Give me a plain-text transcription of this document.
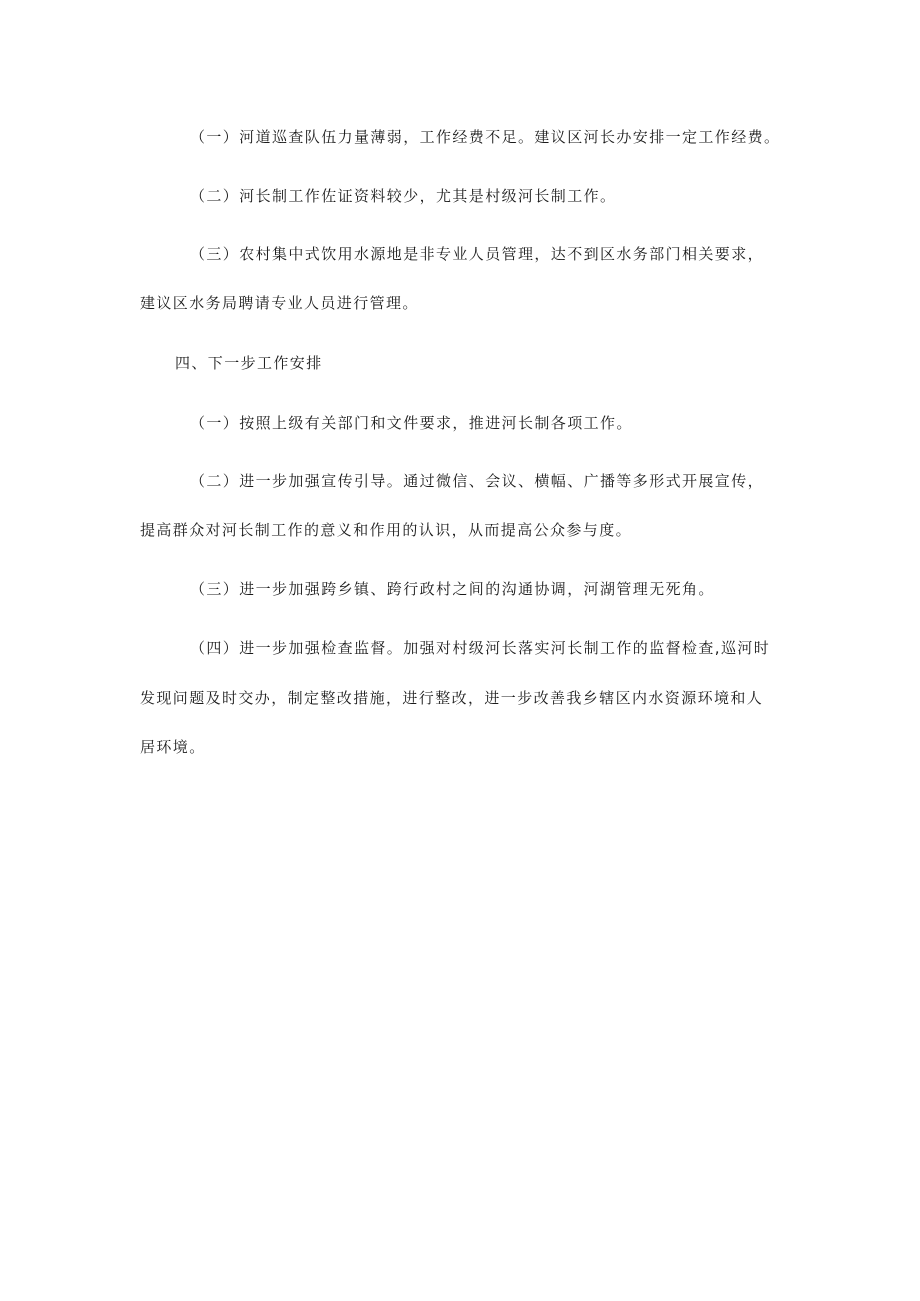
（一）河道巡查队伍力量薄弱，工作经费不足。建议区河长办安排一定工作经费。
（二）河长制工作佐证资料较少，尤其是村级河长制工作。
（三）农村集中式饮用水源地是非专业人员管理，达不到区水务部门相关要求，
建议区水务局聘请专业人员进行管理。
四、下一步工作安排
（一）按照上级有关部门和文件要求，推进河长制各项工作。
（二）进一步加强宣传引导。通过微信、会议、横幅、广播等多形式开展宣传，
提高群众对河长制工作的意义和作用的认识，从而提高公众参与度。
（三）进一步加强跨乡镇、跨行政村之间的沟通协调，河湖管理无死角。
（四）进一步加强检查监督。加强对村级河长落实河长制工作的监督检查,巡河时
发现问题及时交办，制定整改措施，进行整改，进一步改善我乡辖区内水资源环境和人
居环境。
